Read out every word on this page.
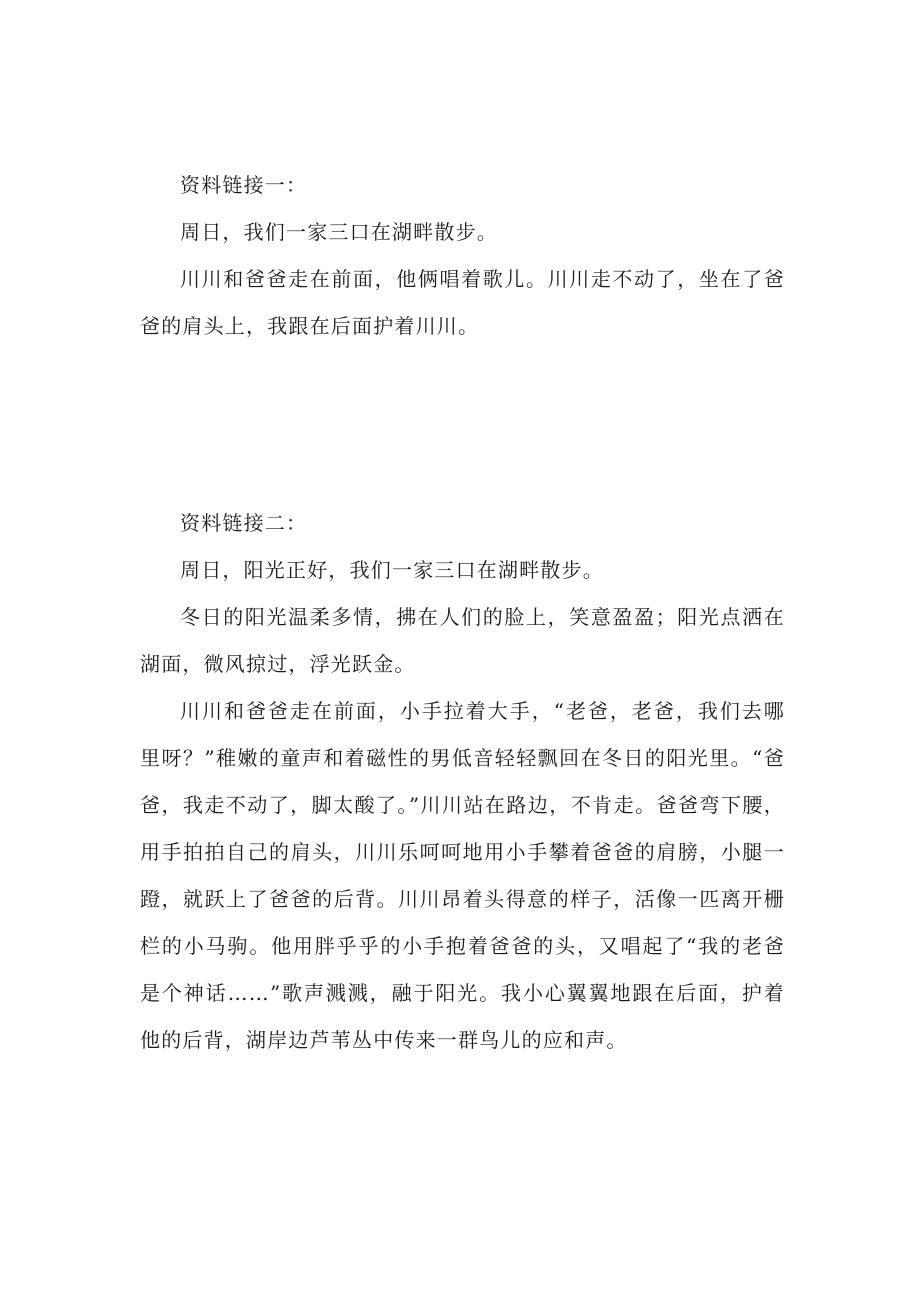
资料链接一：

周日，我们一家三口在湖畔散步。

川川和爸爸走在前面，他俩唱着歌儿。川川走不动了，坐在了爸爸的肩头上，我跟在后面护着川川。

资料链接二：

周日，阳光正好，我们一家三口在湖畔散步。

冬日的阳光温柔多情，拂在人们的脸上，笑意盈盈；阳光点洒在湖面，微风掠过，浮光跃金。

川川和爸爸走在前面，小手拉着大手，“老爸，老爸，我们去哪里呀？”稚嫩的童声和着磁性的男低音轻轻飘回在冬日的阳光里。“爸爸，我走不动了，脚太酸了。”川川站在路边，不肯走。爸爸弯下腰，用手拍拍自己的肩头，川川乐呵呵地用小手攀着爸爸的肩膀，小腿一蹬，就跃上了爸爸的后背。川川昂着头得意的样子，活像一匹离开栅栏的小马驹。他用胖乎乎的小手抱着爸爸的头，又唱起了“我的老爸是个神话……”歌声溅溅，融于阳光。我小心翼翼地跟在后面，护着他的后背，湖岸边芦苇丛中传来一群鸟儿的应和声。
